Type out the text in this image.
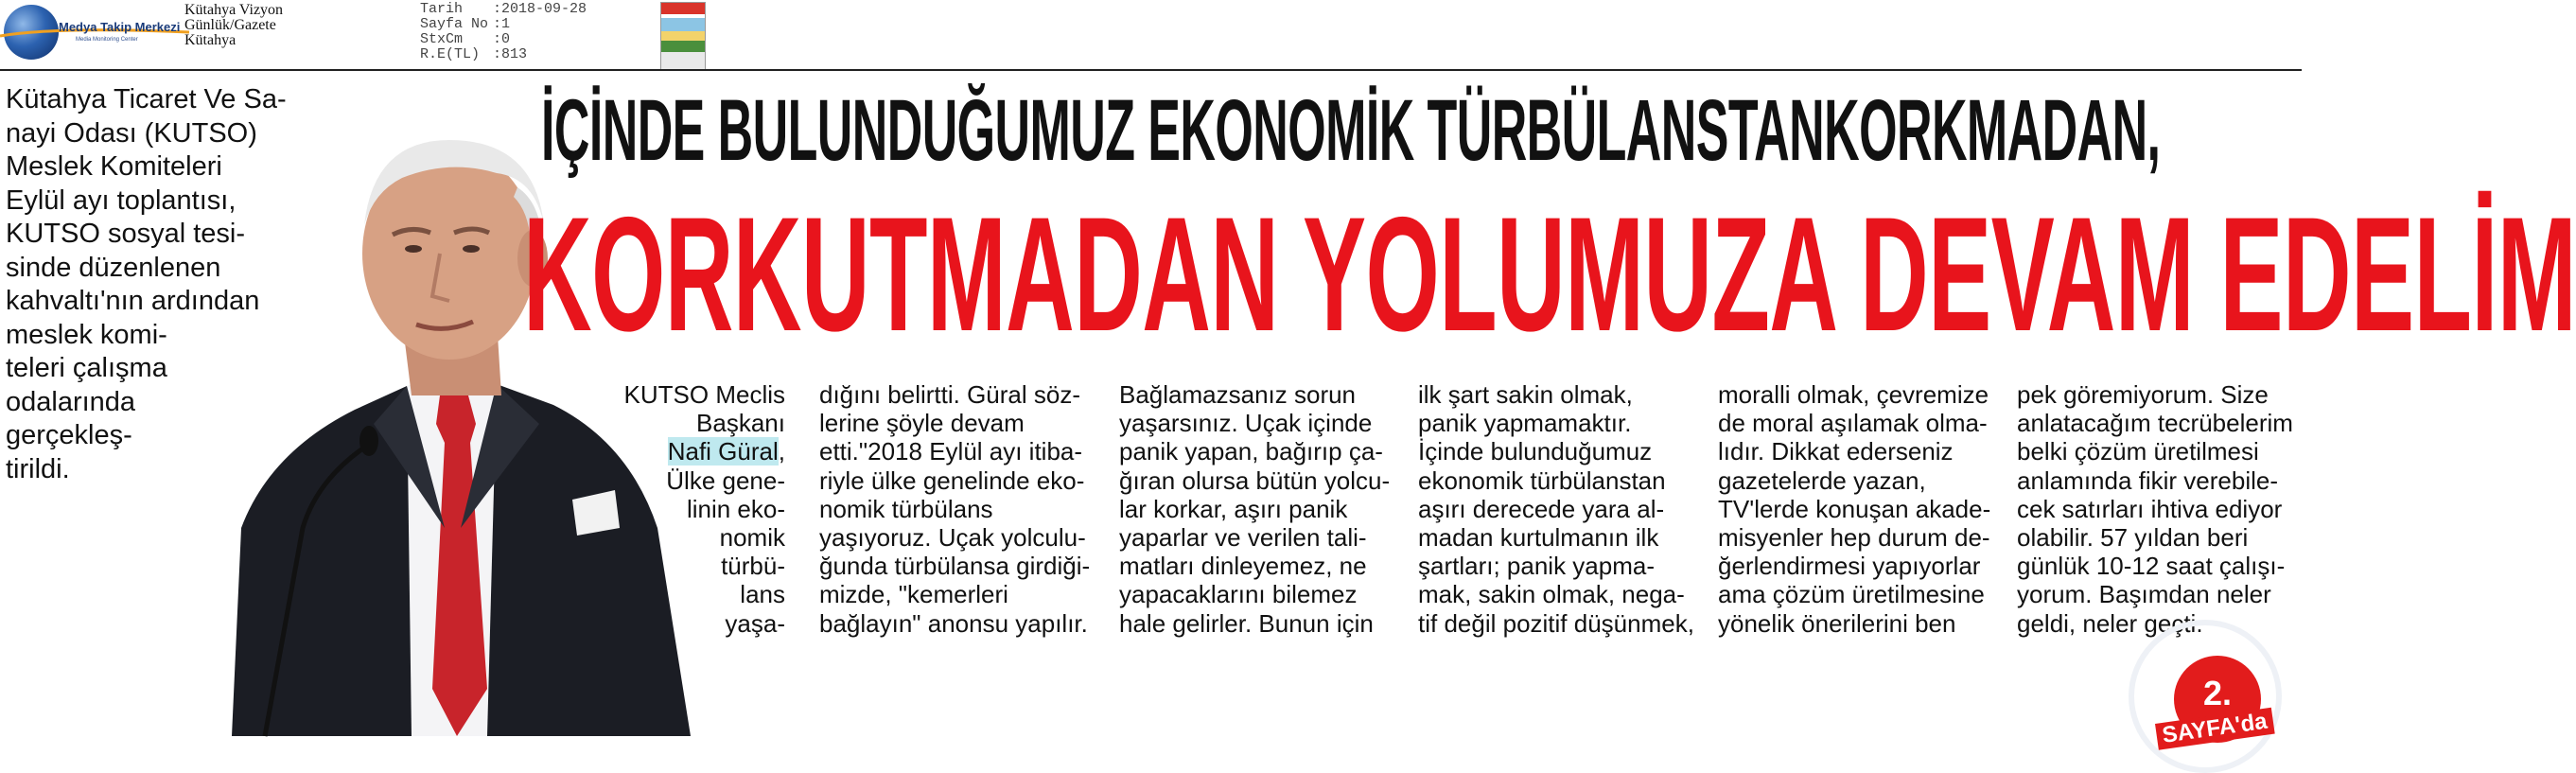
Medya Takip Merkezi
Media Monitoring Center
Kütahya Vizyon
Günlük/Gazete
Kütahya
Tarih :2018-09-28
Sayfa No :1
StxCm :0
R.E(TL) :813
Kütahya Ticaret Ve Sa-
nayi Odası (KUTSO)
Meslek Komiteleri
Eylül ayı toplantısı,
KUTSO sosyal tesi-
sinde düzenlenen
kahvaltı'nın ardından
meslek komi-
teleri çalışma
odalarında
gerçekleş-
tirildi.
İÇİNDE BULUNDUĞUMUZ EKONOMİK TÜRBÜLANSTANKORKMADAN,
KORKUTMADAN YOLUMUZA DEVAM EDELİM
KUTSO Meclis
Başkanı
Nafi Güral,
Ülke gene-
linin eko-
nomik
türbü-
lans
yaşa-
dığını belirtti. Güral söz-
lerine şöyle devam
etti."2018 Eylül ayı itiba-
riyle ülke genelinde eko-
nomik türbülans
yaşıyoruz. Uçak yolculu-
ğunda türbülansa girdiği-
mizde, "kemerleri
bağlayın" anonsu yapılır.
Bağlamazsanız sorun
yaşarsınız. Uçak içinde
panik yapan, bağırıp ça-
ğıran olursa bütün yolcu-
lar korkar, aşırı panik
yaparlar ve verilen tali-
matları dinleyemez, ne
yapacaklarını bilemez
hale gelirler. Bunun için
ilk şart sakin olmak,
panik yapmamaktır.
İçinde bulunduğumuz
ekonomik türbülanstan
aşırı derecede yara al-
madan kurtulmanın ilk
şartları; panik yapma-
mak, sakin olmak, nega-
tif değil pozitif düşünmek,
moralli olmak, çevremize
de moral aşılamak olma-
lıdır. Dikkat ederseniz
gazetelerde yazan,
TV'lerde konuşan akade-
misyenler hep durum de-
ğerlendirmesi yapıyorlar
ama çözüm üretilmesine
yönelik önerilerini ben
pek göremiyorum. Size
anlatacağım tecrübelerim
belki çözüm üretilmesi
anlamında fikir verebile-
cek satırları ihtiva ediyor
olabilir. 57 yıldan beri
günlük 10-12 saat çalışı-
yorum. Başımdan neler
geldi, neler geçti.
2.
SAYFA'da
